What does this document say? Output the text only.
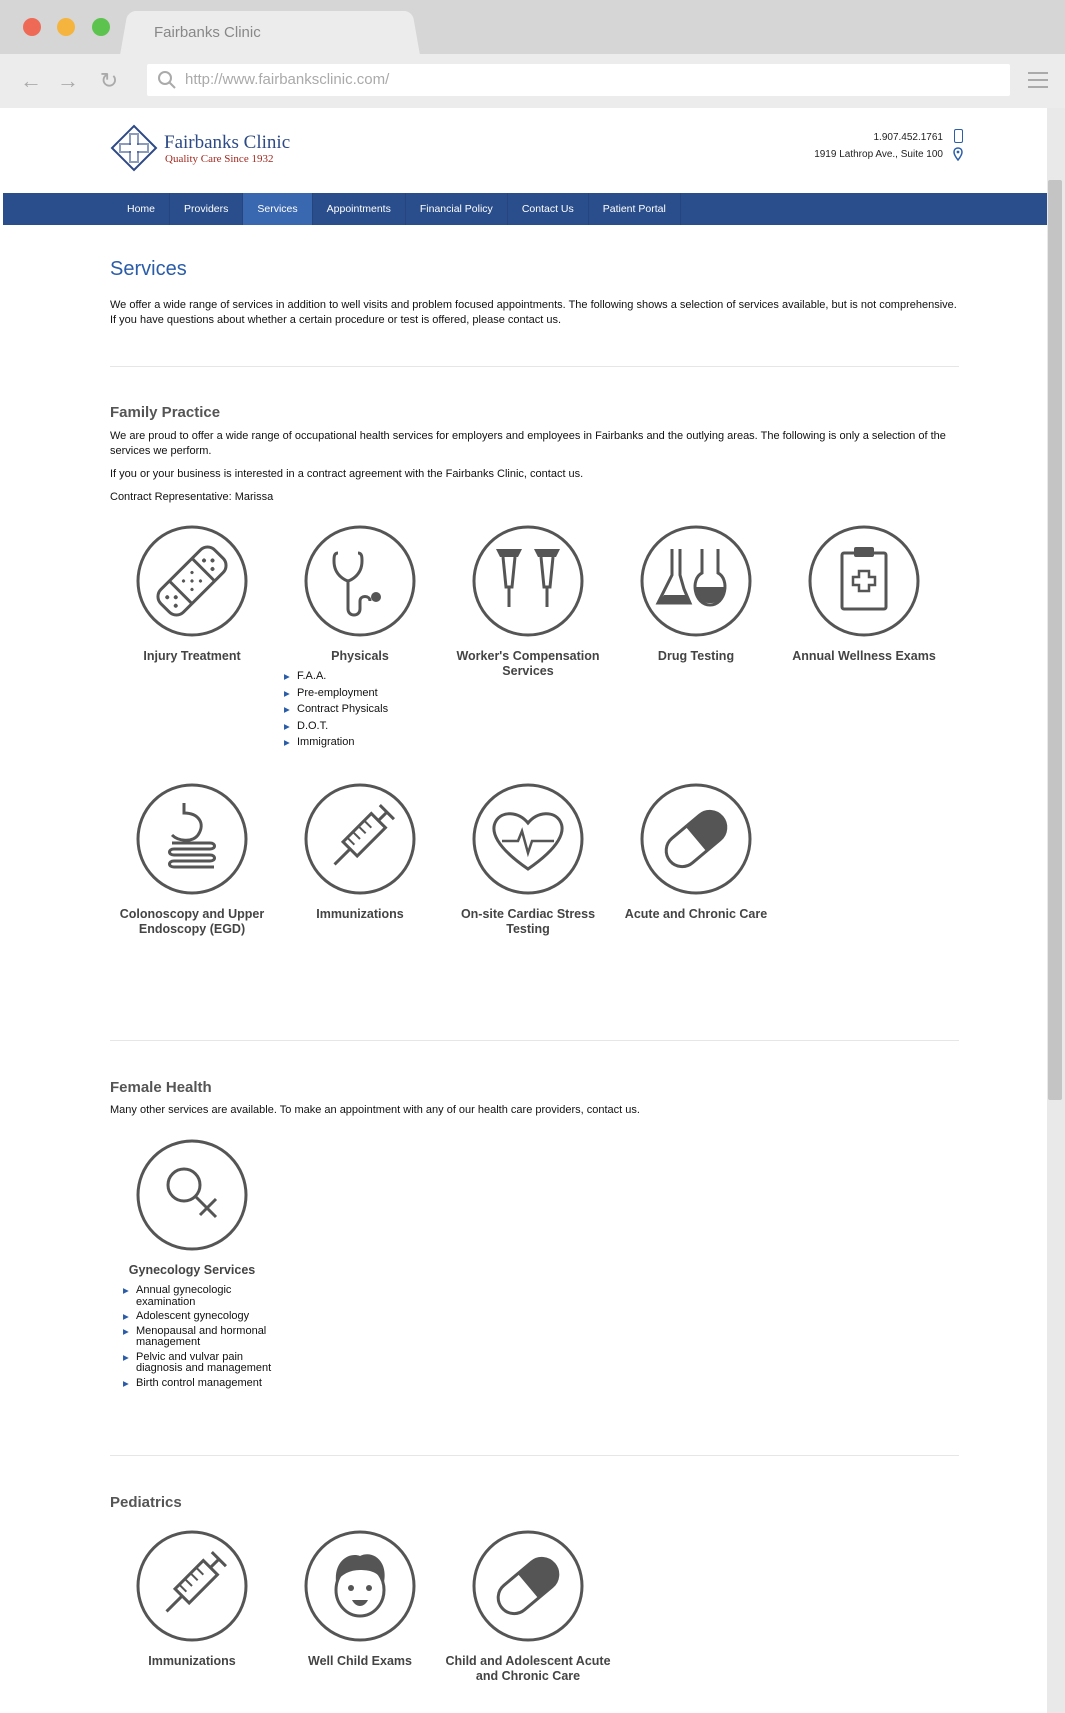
Fairbanks Clinic
← → ↻	http://www.fairbanksclinic.com/
Fairbanks Clinic
Quality Care Since 1932
1.907.452.1761
1919 Lathrop Ave., Suite 100
Home	Providers	Services	Appointments	Financial Policy	Contact Us	Patient Portal
Services

We offer a wide range of services in addition to well visits and problem focused appointments. The following shows a selection of services available, but is not comprehensive. If you have questions about whether a certain procedure or test is offered, please contact us.

Family Practice

We are proud to offer a wide range of occupational health services for employers and employees in Fairbanks and the outlying areas. The following is only a selection of the services we perform.

If you or your business is interested in a contract agreement with the Fairbanks Clinic, contact us.

Contract Representative: Marissa

Injury Treatment	Physicals
▶ F.A.A.
▶ Pre-employment
▶ Contract Physicals
▶ D.O.T.
▶ Immigration
Worker's Compensation Services
Drug Testing	Annual Wellness Exams
Colonoscopy and Upper Endoscopy (EGD)
Immunizations	On-site Cardiac Stress Testing
Acute and Chronic Care
Female Health

Many other services are available. To make an appointment with any of our health care providers, contact us.

Gynecology Services
▶ Annual gynecologic examination
▶ Adolescent gynecology
▶ Menopausal and hormonal management
▶ Pelvic and vulvar pain diagnosis and management
▶ Birth control management
Pediatrics
Immunizations	Well Child Exams	Child and Adolescent Acute and Chronic Care
